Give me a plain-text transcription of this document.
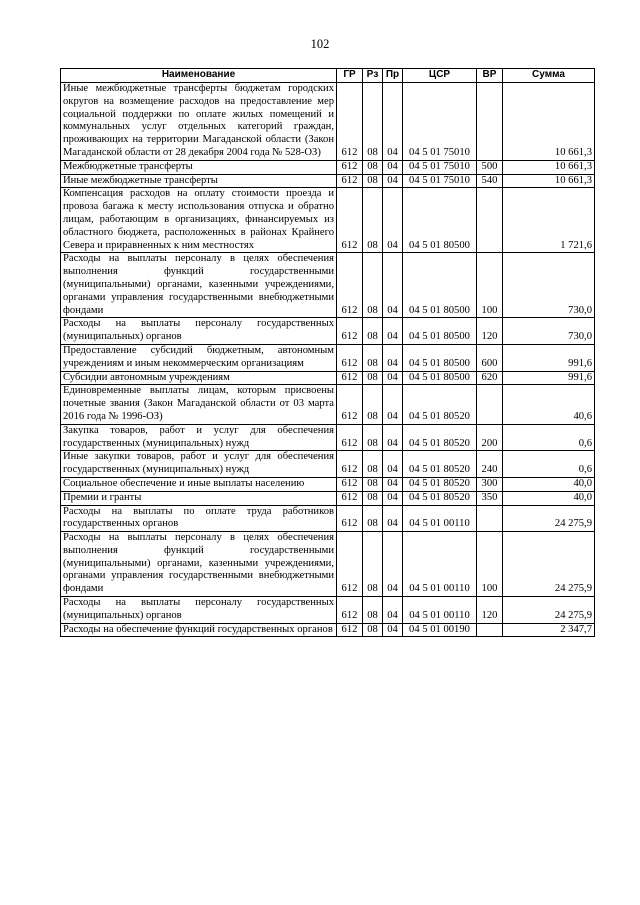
102
Наименование	ГР	Рз	Пр	ЦСР	ВР	Сумма
Иные межбюджетные трансферты бюджетам городских округов на возмещение расходов на предоставление мер социальной поддержки по оплате жилых помещений и коммунальных услуг отдельных категорий граждан, проживающих на территории Магаданской области (Закон Магаданской области от 28 декабря 2004 года № 528-ОЗ)	612	08	04	04 5 01 75010		10 661,3
Межбюджетные трансферты	612	08	04	04 5 01 75010	500	10 661,3
Иные межбюджетные трансферты	612	08	04	04 5 01 75010	540	10 661,3
Компенсация расходов на оплату стоимости проезда и провоза багажа к месту использования отпуска и обратно лицам, работающим в организациях, финансируемых из областного бюджета, расположенных в районах Крайнего Севера и приравненных к ним местностях	612	08	04	04 5 01 80500		1 721,6
Расходы на выплаты персоналу в целях обеспечения выполнения функций государственными (муниципальными) органами, казенными учреждениями, органами управления государственными внебюджетными фондами	612	08	04	04 5 01 80500	100	730,0
Расходы на выплаты персоналу государственных (муниципальных) органов	612	08	04	04 5 01 80500	120	730,0
Предоставление субсидий бюджетным, автономным учреждениям и иным некоммерческим организациям	612	08	04	04 5 01 80500	600	991,6
Субсидии автономным учреждениям	612	08	04	04 5 01 80500	620	991,6
Единовременные выплаты лицам, которым присвоены почетные звания (Закон Магаданской области от 03 марта 2016 года № 1996-ОЗ)	612	08	04	04 5 01 80520		40,6
Закупка товаров, работ и услуг для обеспечения государственных (муниципальных) нужд	612	08	04	04 5 01 80520	200	0,6
Иные закупки товаров, работ и услуг для обеспечения государственных (муниципальных) нужд	612	08	04	04 5 01 80520	240	0,6
Социальное обеспечение и иные выплаты населению	612	08	04	04 5 01 80520	300	40,0
Премии и гранты	612	08	04	04 5 01 80520	350	40,0
Расходы на выплаты по оплате труда работников государственных органов	612	08	04	04 5 01 00110		24 275,9
Расходы на выплаты персоналу в целях обеспечения выполнения функций государственными (муниципальными) органами, казенными учреждениями, органами управления государственными внебюджетными фондами	612	08	04	04 5 01 00110	100	24 275,9
Расходы на выплаты персоналу государственных (муниципальных) органов	612	08	04	04 5 01 00110	120	24 275,9
Расходы на обеспечение функций государственных органов	612	08	04	04 5 01 00190		2 347,7
